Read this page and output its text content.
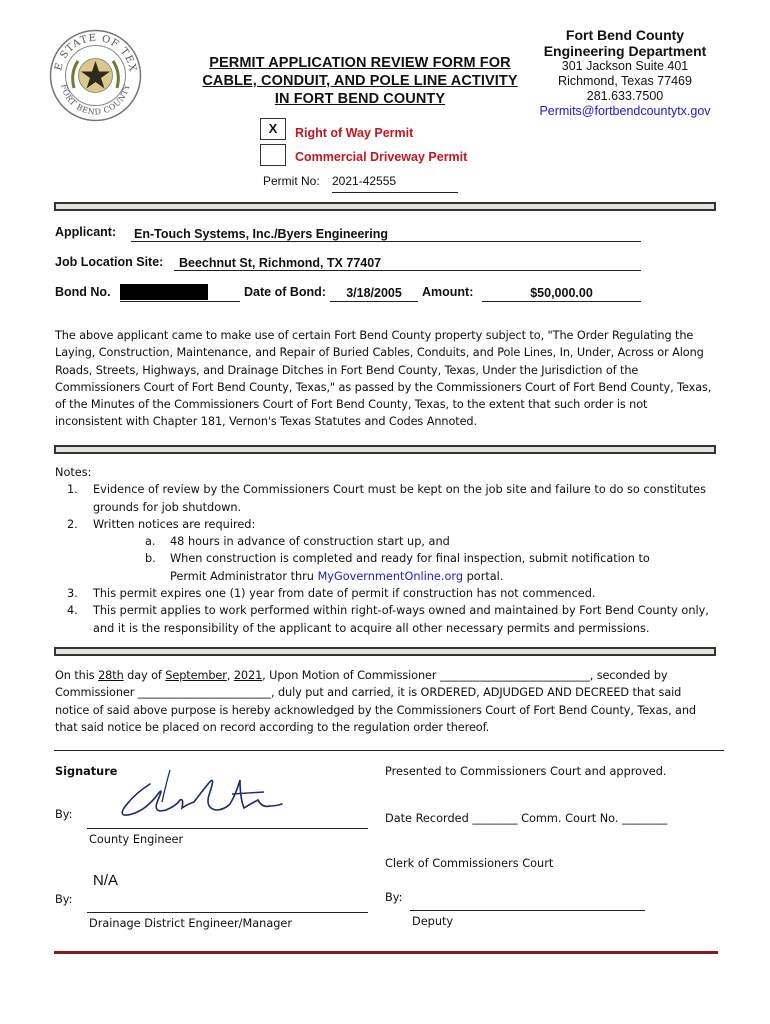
E STATE OF TEX
FORT BEND COUNTY
PERMIT APPLICATION REVIEW FORM FOR
CABLE, CONDUIT, AND POLE LINE ACTIVITY
IN FORT BEND COUNTY
Fort Bend County
Engineering Department
301 Jackson Suite 401
Richmond, Texas 77469
281.633.7500
Permits@fortbendcountytx.gov
X	Right of Way Permit
Commercial Driveway Permit
Permit No: 2021-42555
Applicant: En-Touch Systems, Inc./Byers Engineering
Job Location Site:	Beechnut St, Richmond, TX 77407
Bond No.	Date of Bond:	3/18/2005	Amount:	$50,000.00
The above applicant came to make use of certain Fort Bend County property subject to, "The Order Regulating the Laying, Construction, Maintenance, and Repair of Buried Cables, Conduits, and Pole Lines, In, Under, Across or Along Roads, Streets, Highways, and Drainage Ditches in Fort Bend County, Texas, Under the Jurisdiction of the Commissioners Court of Fort Bend County, Texas," as passed by the Commissioners Court of Fort Bend County, Texas, of the Minutes of the Commissioners Court of Fort Bend County, Texas, to the extent that such order is not inconsistent with Chapter 181, Vernon's Texas Statutes and Codes Annoted.
Notes:
1. Evidence of review by the Commissioners Court must be kept on the job site and failure to do so constitutes grounds for job shutdown.
2. Written notices are required:
a. 48 hours in advance of construction start up, and
b. When construction is completed and ready for final inspection, submit notification to Permit Administrator thru MyGovernmentOnline.org portal.
3. This permit expires one (1) year from date of permit if construction has not commenced.
4. This permit applies to work performed within right-of-ways owned and maintained by Fort Bend County only, and it is the responsibility of the applicant to acquire all other necessary permits and permissions.
On this 28th day of September, 2021, Upon Motion of Commissioner ___________________________, seconded by Commissioner ________________________, duly put and carried, it is ORDERED, ADJUDGED AND DECREED that said notice of said above purpose is hereby acknowledged by the Commissioners Court of Fort Bend County, Texas, and that said notice be placed on record according to the regulation order thereof.
Signature
By:
County Engineer
N/A
By:
Drainage District Engineer/Manager
Presented to Commissioners Court and approved.
Date Recorded ________ Comm. Court No. ________
Clerk of Commissioners Court
By:
Deputy
